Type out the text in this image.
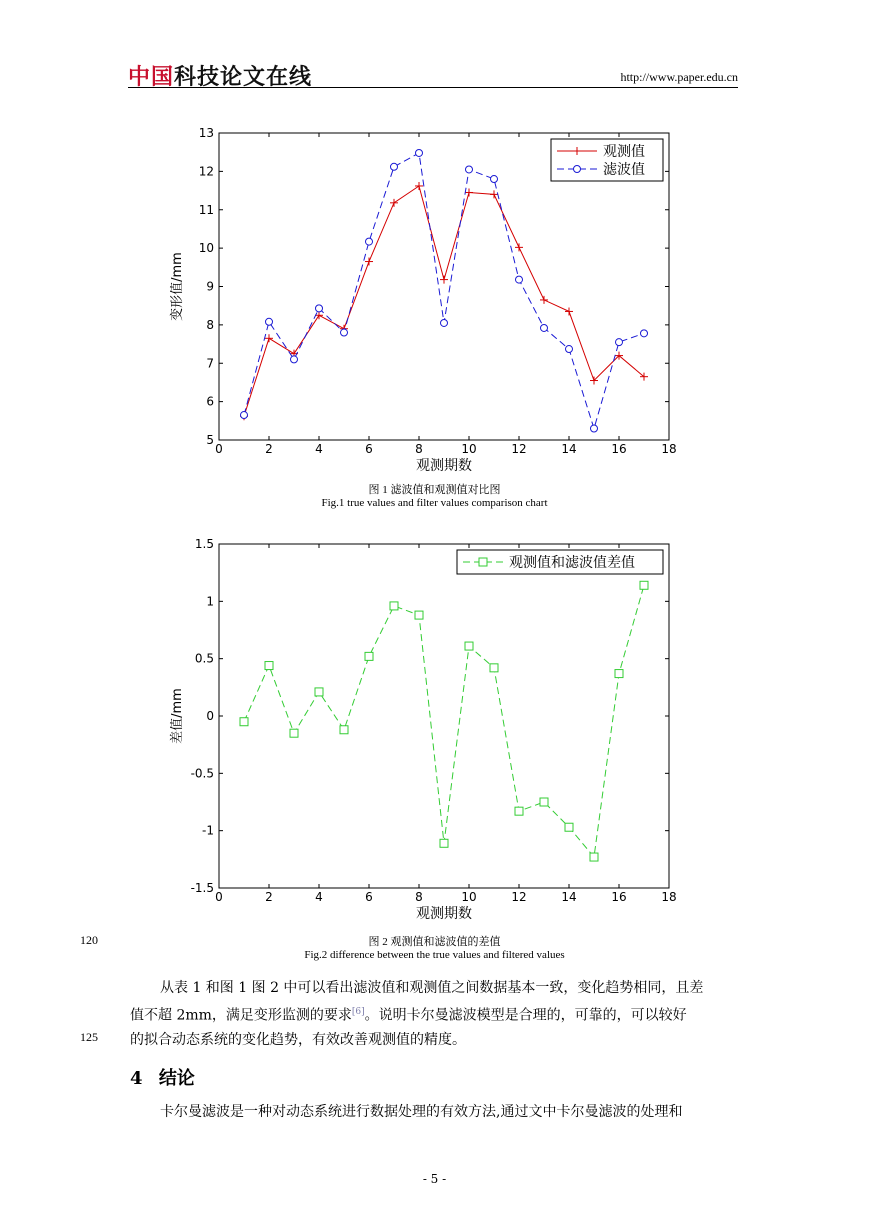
中国科技论文在线	http://www.paper.edu.cn
0	2	4	6	8	10	12	14	16	18
5
6
7
8
9
10
11
12
13
观测期数
变形值/mm
观测值
滤波值
图 1 滤波值和观测值对比图
Fig.1 true values and filter values comparison chart
0	2	4	6	8	10	12	14	16	18
-1.5
-1
-0.5
0
0.5
1
1.5
观测期数
差值/mm
观测值和滤波值差值
120	图 2 观测值和滤波值的差值
Fig.2 difference between the true values and filtered values
从表 1 和图 1 图 2 中可以看出滤波值和观测值之间数据基本一致，变化趋势相同，且差
值不超 2mm，满足变形监测的要求[6]。说明卡尔曼滤波模型是合理的，可靠的，可以较好
的拟合动态系统的变化趋势，有效改善观测值的精度。
125
4 结论
卡尔曼滤波是一种对动态系统进行数据处理的有效方法,通过文中卡尔曼滤波的处理和
- 5 -
